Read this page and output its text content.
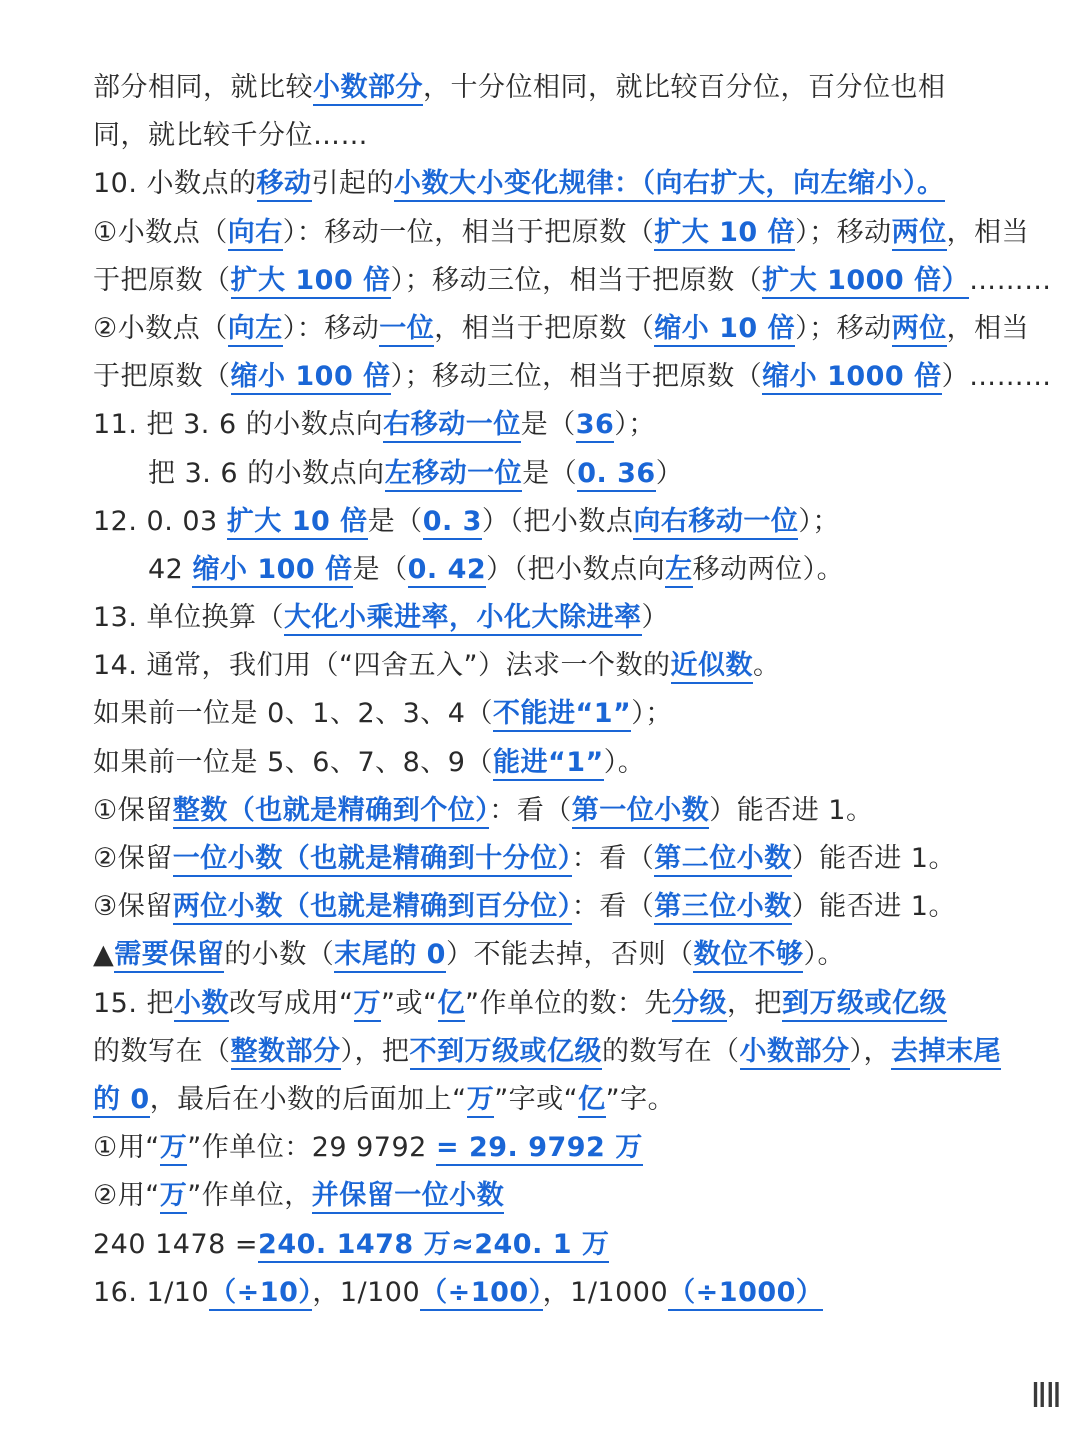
部分相同，就比较小数部分，十分位相同，就比较百分位，百分位也相
同，就比较千分位……
10. 小数点的移动引起的小数大小变化规律：（向右扩大，向左缩小）。
①小数点（向右）：移动一位，相当于把原数（扩大 10 倍）；移动两位，相当
于把原数（扩大 100 倍）；移动三位，相当于把原数（扩大 1000 倍）………
②小数点（向左）：移动一位，相当于把原数（缩小 10 倍）；移动两位，相当
于把原数（缩小 100 倍）；移动三位，相当于把原数（缩小 1000 倍）………
11. 把 3. 6 的小数点向右移动一位是（36）；
把 3. 6 的小数点向左移动一位是（0. 36）
12. 0. 03 扩大 10 倍是（0. 3）（把小数点向右移动一位）；
42 缩小 100 倍是（0. 42）（把小数点向左移动两位）。
13. 单位换算（大化小乘进率，小化大除进率）
14. 通常，我们用（“四舍五入”）法求一个数的近似数。
如果前一位是 0、1、2、3、4（不能进“1”）；
如果前一位是 5、6、7、8、9（能进“1”）。
①保留整数（也就是精确到个位）：看（第一位小数）能否进 1。
②保留一位小数（也就是精确到十分位）：看（第二位小数）能否进 1。
③保留两位小数（也就是精确到百分位）：看（第三位小数）能否进 1。
▲需要保留的小数（末尾的 0）不能去掉，否则（数位不够）。
15. 把小数改写成用“万”或“亿”作单位的数：先分级，把到万级或亿级
的数写在（整数部分），把不到万级或亿级的数写在（小数部分），去掉末尾
的 0，最后在小数的后面加上“万”字或“亿”字。
①用“万”作单位：29 9792 = 29. 9792 万
②用“万”作单位，并保留一位小数
240 1478 =240. 1478 万≈240. 1 万
16. 1/10（÷10），1/100（÷100），1/1000（÷1000）
ⅡⅡ
